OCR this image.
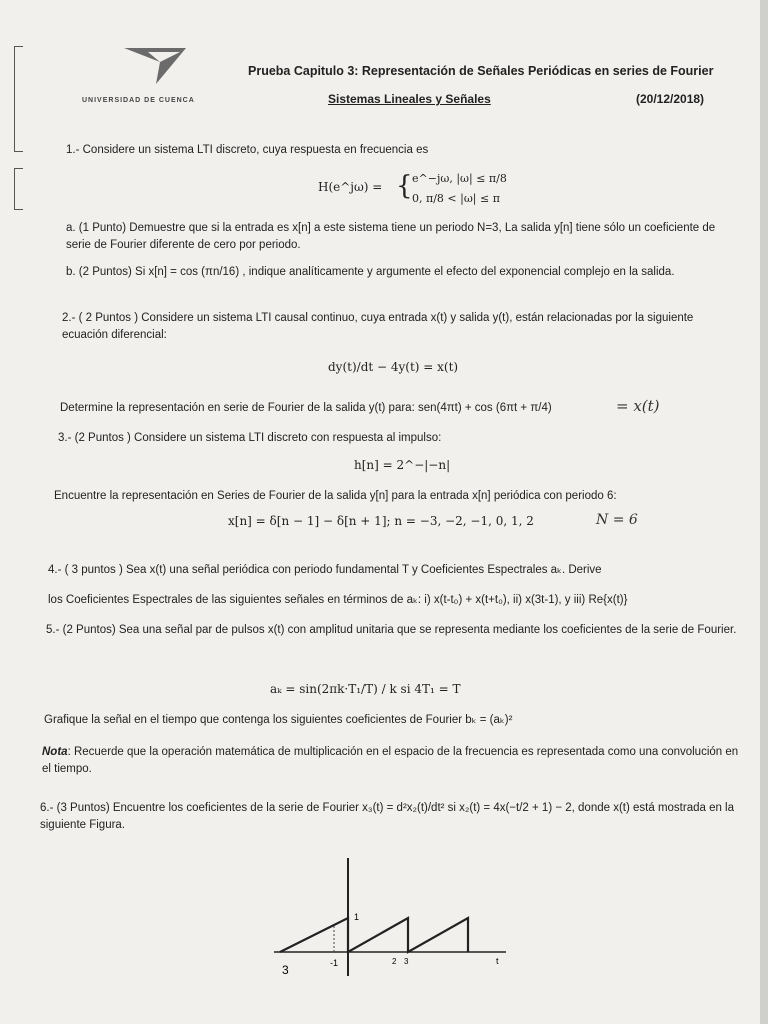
UNIVERSIDAD DE CUENCA
Prueba Capitulo 3: Representación de Señales Periódicas en series de Fourier
Sistemas Lineales y Señales	(20/12/2018)
1.- Considere un sistema LTI discreto, cuya respuesta en frecuencia es
H(e^jω) = { e^−jω, |ω| ≤ π/8
0, π/8 < |ω| ≤ π
a. (1 Punto) Demuestre que si la entrada es x[n] a este sistema tiene un periodo N=3, La salida y[n] tiene sólo un coeficiente de serie de Fourier diferente de cero por periodo.
b. (2 Puntos) Si x[n] = cos (πn/16) , indique analíticamente y argumente el efecto del exponencial complejo en la salida.
2.- ( 2 Puntos ) Considere un sistema LTI causal continuo, cuya entrada x(t) y salida y(t), están relacionadas por la siguiente ecuación diferencial:
dy(t)/dt − 4y(t) = x(t)
Determine la representación en serie de Fourier de la salida y(t) para: sen(4πt) + cos (6πt + π/4)	= x(t)
3.- (2 Puntos ) Considere un sistema LTI discreto con respuesta al impulso:
h[n] = 2^−|−n|
Encuentre la representación en Series de Fourier de la salida y[n] para la entrada x[n] periódica con periodo 6:
x[n] = δ[n − 1] − δ[n + 1]; n = −3, −2, −1, 0, 1, 2	N = 6
4.- ( 3 puntos ) Sea x(t) una señal periódica con periodo fundamental T y Coeficientes Espectrales aₖ. Derive
los Coeficientes Espectrales de las siguientes señales en términos de aₖ: i) x(t-t₀) + x(t+t₀), ii) x(3t-1), y iii) Re{x(t)}
5.- (2 Puntos) Sea una señal par de pulsos x(t) con amplitud unitaria que se representa mediante los coeficientes de la serie de Fourier.
aₖ = sin(2πk·T₁/T) / k si 4T₁ = T
Grafique la señal en el tiempo que contenga los siguientes coeficientes de Fourier bₖ = (aₖ)²
Nota: Recuerde que la operación matemática de multiplicación en el espacio de la frecuencia es representada como una convolución en el tiempo.
6.- (3 Puntos) Encuentre los coeficientes de la serie de Fourier x₃(t) = d²x₂(t)/dt² si x₂(t) = 4x(−t/2 + 1) − 2, donde x(t) está mostrada en la siguiente Figura.
1
-1	2 3	t
3
